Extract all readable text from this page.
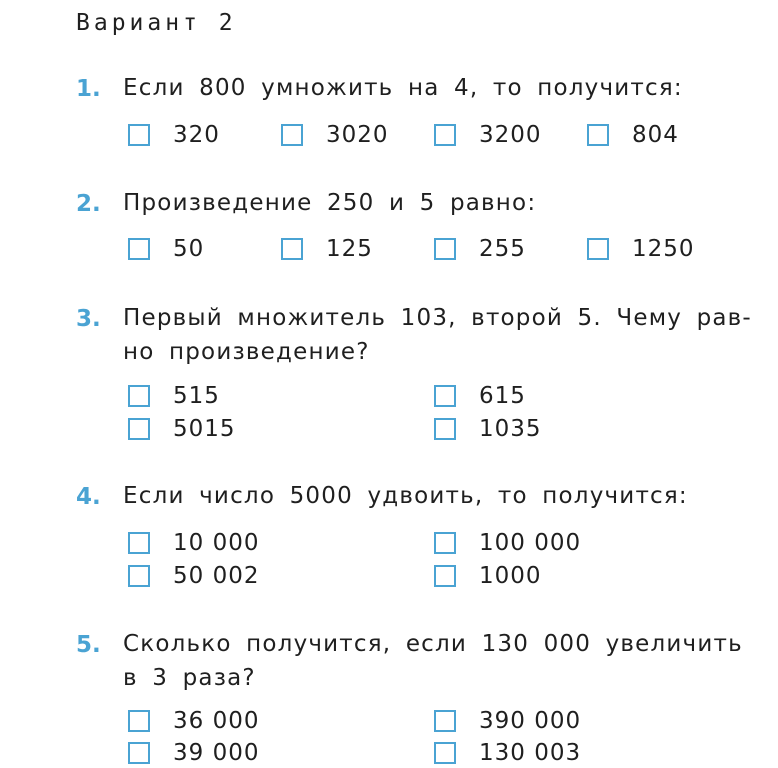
Вариант 2
1. Если 800 умножить на 4, то получится:
320	3020	3200	804
2. Произведение 250 и 5 равно:
50	125	255	1250
3. Первый множитель 103, второй 5. Чему рав-
но произведение?
515	615
5015	1035
4. Если число 5000 удвоить, то получится:
10 000	100 000
50 002	1000
5. Сколько получится, если 130 000 увеличить
в 3 раза?
36 000	390 000
39 000	130 003
